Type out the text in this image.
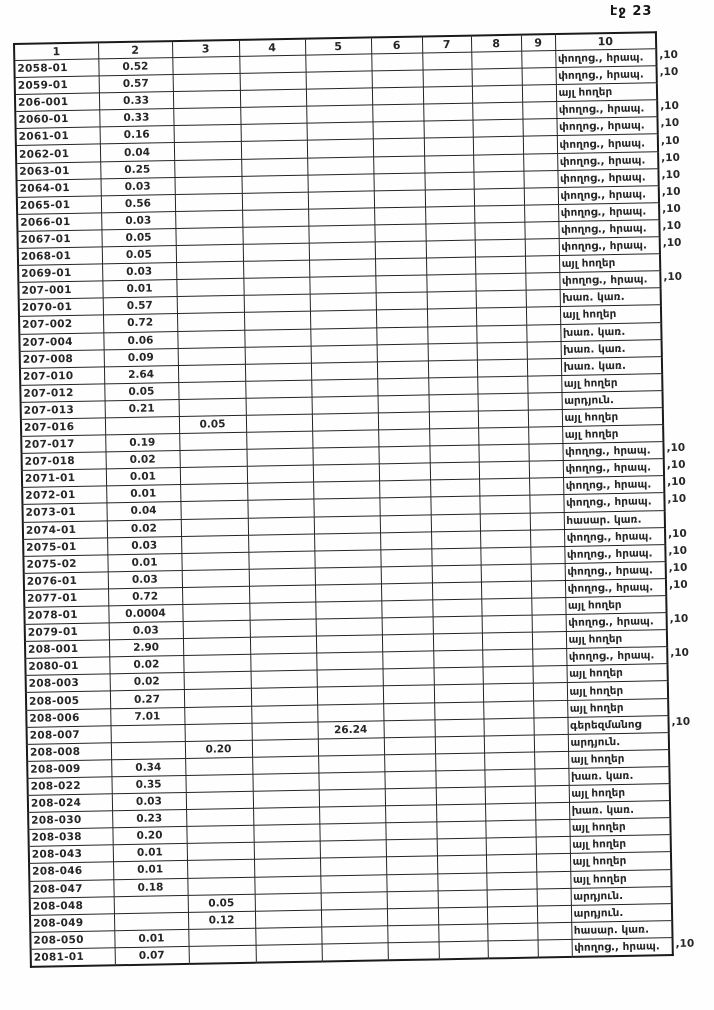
էջ 23
1	2	3	4	5	6	7	8	9	10	
2058-01	0.52								փողոց., հրապ.	,10
2059-01	0.57								փողոց., հրապ.	,10
206-001	0.33								այլ հողեր	
2060-01	0.33								փողոց., հրապ.	,10
2061-01	0.16								փողոց., հրապ.	,10
2062-01	0.04								փողոց., հրապ.	,10
2063-01	0.25								փողոց., հրապ.	,10
2064-01	0.03								փողոց., հրապ.	,10
2065-01	0.56								փողոց., հրապ.	,10
2066-01	0.03								փողոց., հրապ.	,10
2067-01	0.05								փողոց., հրապ.	,10
2068-01	0.05								փողոց., հրապ.	,10
2069-01	0.03								այլ հողեր	
207-001	0.01								փողոց., հրապ.	,10
2070-01	0.57								խառ. կառ.	
207-002	0.72								այլ հողեր	
207-004	0.06								խառ. կառ.	
207-008	0.09								խառ. կառ.	
207-010	2.64								խառ. կառ.	
207-012	0.05								այլ հողեր	
207-013	0.21								արդյուն.	
207-016		0.05							այլ հողեր	
207-017	0.19								այլ հողեր	
207-018	0.02								փողոց., հրապ.	,10
2071-01	0.01								փողոց., հրապ.	,10
2072-01	0.01								փողոց., հրապ.	,10
2073-01	0.04								փողոց., հրապ.	,10
2074-01	0.02								հասար. կառ.	
2075-01	0.03								փողոց., հրապ.	,10
2075-02	0.01								փողոց., հրապ.	,10
2076-01	0.03								փողոց., հրապ.	,10
2077-01	0.72								փողոց., հրապ.	,10
2078-01	0.0004								այլ հողեր	
2079-01	0.03								փողոց., հրապ.	,10
208-001	2.90								այլ հողեր	
2080-01	0.02								փողոց., հրապ.	,10
208-003	0.02								այլ հողեր	
208-005	0.27								այլ հողեր	
208-006	7.01								այլ հողեր	
208-007				26.24					գերեզմանոց	,10
208-008		0.20							արդյուն.	
208-009	0.34								այլ հողեր	
208-022	0.35								խառ. կառ.	
208-024	0.03								այլ հողեր	
208-030	0.23								խառ. կառ.	
208-038	0.20								այլ հողեր	
208-043	0.01								այլ հողեր	
208-046	0.01								այլ հողեր	
208-047	0.18								այլ հողեր	
208-048		0.05							արդյուն.	
208-049		0.12							արդյուն.	
208-050	0.01								հասար. կառ.	
2081-01	0.07								փողոց., հրապ.	,10
